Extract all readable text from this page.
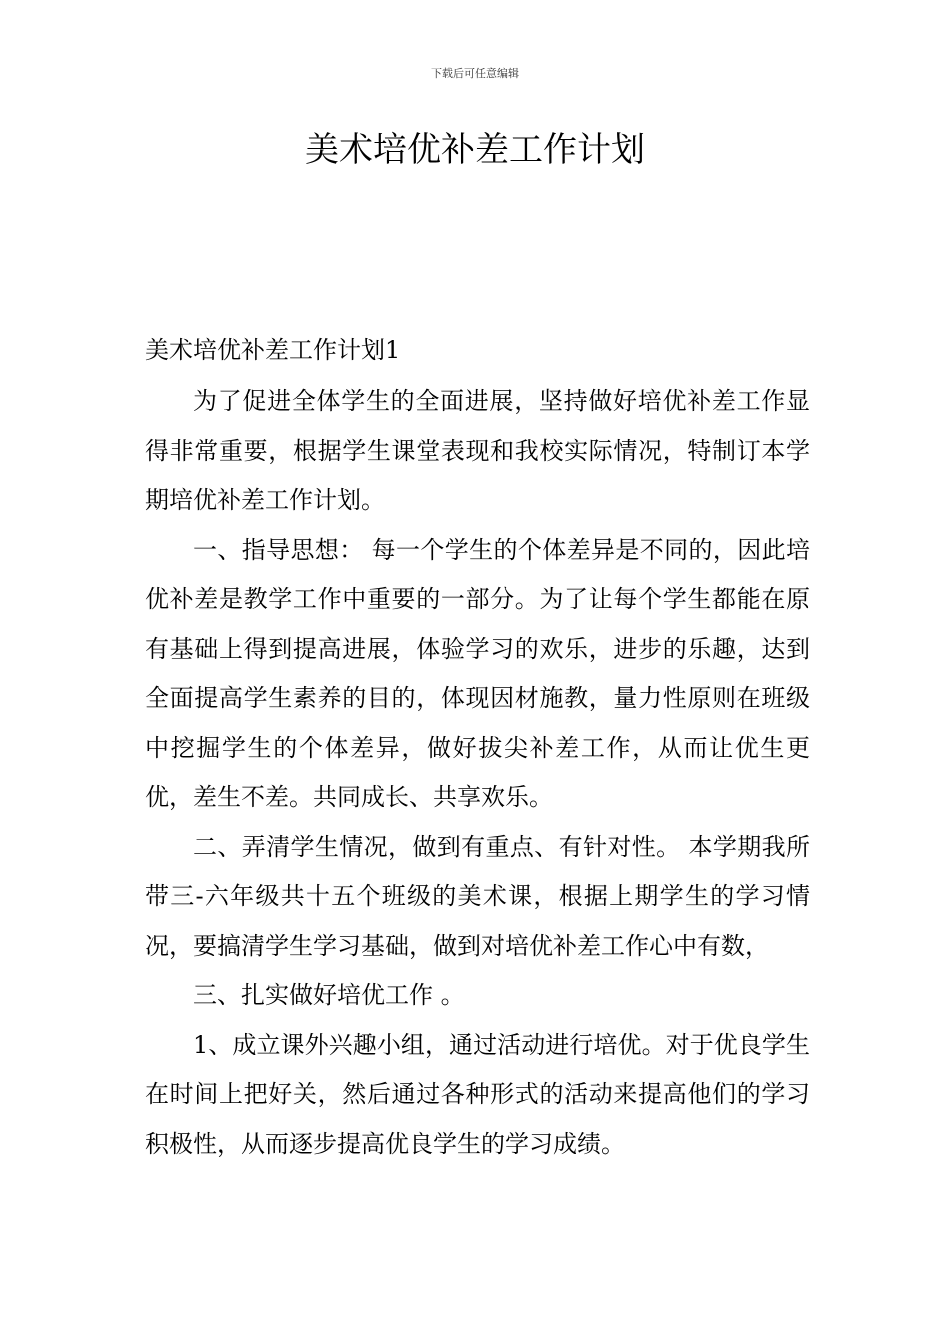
下载后可任意编辑
美术培优补差工作计划
美术培优补差工作计划1

为了促进全体学生的全面进展，坚持做好培优补差工作显得非常重要，根据学生课堂表现和我校实际情况，特制订本学期培优补差工作计划。

一、指导思想： 每一个学生的个体差异是不同的，因此培优补差是教学工作中重要的一部分。为了让每个学生都能在原有基础上得到提高进展，体验学习的欢乐，进步的乐趣，达到全面提高学生素养的目的，体现因材施教，量力性原则在班级中挖掘学生的个体差异，做好拔尖补差工作，从而让优生更优，差生不差。共同成长、共享欢乐。

二、弄清学生情况，做到有重点、有针对性。 本学期我所带三-六年级共十五个班级的美术课，根据上期学生的学习情况，要搞清学生学习基础，做到对培优补差工作心中有数，

三、扎实做好培优工作 。

1、成立课外兴趣小组，通过活动进行培优。对于优良学生在时间上把好关，然后通过各种形式的活动来提高他们的学习积极性，从而逐步提高优良学生的学习成绩。
